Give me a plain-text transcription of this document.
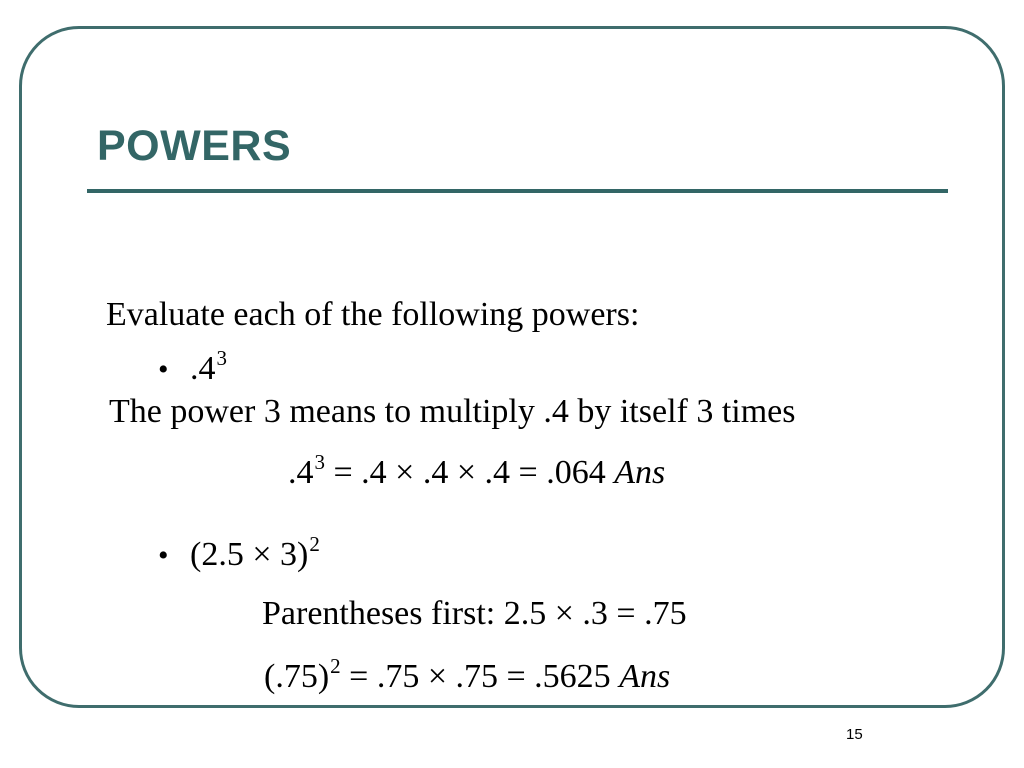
POWERS
Evaluate each of the following powers:
• $.4^3$
The power 3 means to multiply .4 by itself 3 times
$.4^3 = .4 \times .4 \times .4 = .064$ Ans
• $(2.5 \times 3)^2$
Parentheses first: 2.5 × .3 = .75
$(.75)^2 = .75 \times .75 = .5625$ Ans
15
